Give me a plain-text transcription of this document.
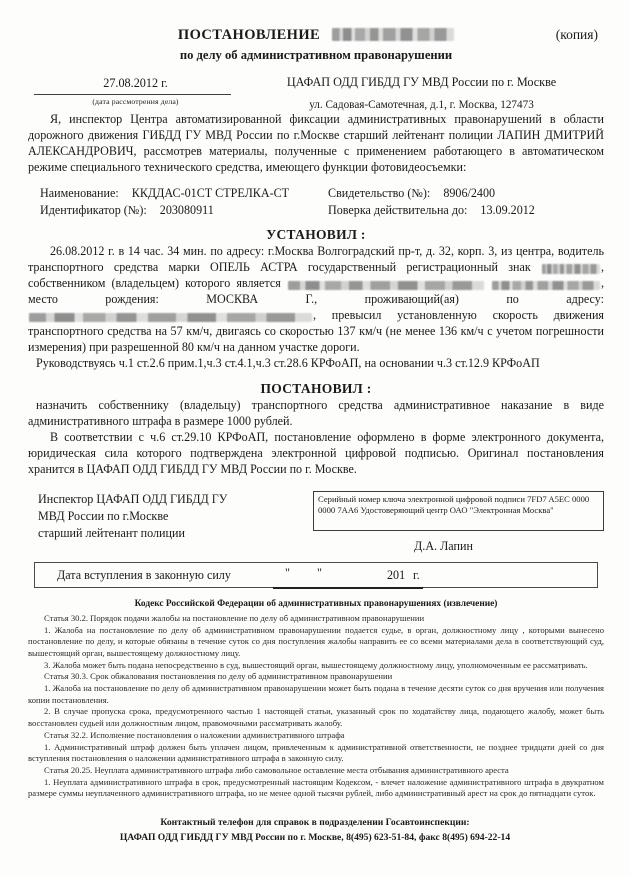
ПОСТАНОВЛЕНИЕ	(копия)
по делу об административном правонарушении
27.08.2012 г.
(дата рассмотрения дела)
ЦАФАП ОДД ГИБДД ГУ МВД России по г. Москве
ул. Садовая-Самотечная, д.1, г. Москва, 127473

Я, инспектор Центра автоматизированной фиксации административных правонарушений в области дорожного движения ГИБДД ГУ МВД России по г.Москве старший лейтенант полиции ЛАПИН ДМИТРИЙ АЛЕКСАНДРОВИЧ, рассмотрев материалы, полученные с применением работающего в автоматическом режиме специального технического средства, имеющего функции фотовидеосъемки:

Наименование: ККДДАС-01СТ СТРЕЛКА-СТ	Свидетельство (№): 8906/2400
Идентификатор (№): 203080911	Поверка действительна до: 13.09.2012
УСТАНОВИЛ :

26.08.2012 г. в 14 час. 34 мин. по адресу: г.Москва Волгоградский пр-т, д. 32, корп. 3, из центра, водитель транспортного средства марки ОПЕЛЬ АСТРА государственный регистрационный знак	, собственником (владельцем) которого является	, место рождения: МОСКВА Г., проживающий(ая) по адресу: , превысил установленную скорость движения транспортного средства на 57 км/ч, двигаясь со скоростью 137 км/ч (не менее 136 км/ч с учетом погрешности измерения) при разрешенной 80 км/ч на данном участке дороги.

Руководствуясь ч.1 ст.2.6 прим.1,ч.3 ст.4.1,ч.3 ст.28.6 КРФоАП, на основании ч.3 ст.12.9 КРФоАП

ПОСТАНОВИЛ :

назначить собственнику (владельцу) транспортного средства административное наказание в виде административного штрафа в размере 1000 рублей.

В соответствии с ч.6 ст.29.10 КРФоАП, постановление оформлено в форме электронного документа, юридическая сила которого подтверждена электронной цифровой подписью. Оригинал постановления хранится в ЦАФАП ОДД ГИБДД ГУ МВД России по г. Москве.

Инспектор ЦАФАП ОДД ГИБДД ГУ
МВД России по г.Москве
старший лейтенант полиции
Серийный номер ключа электронной цифровой подписи 7FD7 A5EC 0000 0000 7AA6 Удостоверяющий центр ОАО "Электронная Москва"
Д.А. Лапин
Дата вступления в законную силу	" "	201 г.
Кодекс Российской Федерации об административных правонарушениях (извлечение)

Статья 30.2. Порядок подачи жалобы на постановление по делу об административном правонарушении

1. Жалоба на постановление по делу об административном правонарушении подается судье, в орган, должностному лицу , которыми вынесено постановление по делу, и которые обязаны в течение суток со дня поступления жалобы направить ее со всеми материалами дела в соответствующий суд, вышестоящий орган, вышестоящему должностному лицу.

3. Жалоба может быть подана непосредственно в суд, вышестоящий орган, вышестоящему должностному лицу, уполномоченным ее рассматривать.

Статья 30.3. Срок обжалования постановления по делу об административном правонарушении

1. Жалоба на постановление по делу об административном правонарушении может быть подана в течение десяти суток со дня вручения или получения копии постановления.

2. В случае пропуска срока, предусмотренного частью 1 настоящей статьи, указанный срок по ходатайству лица, подающего жалобу, может быть восстановлен судьей или должностным лицом, правомочными рассматривать жалобу.

Статья 32.2. Исполнение постановления о наложении административного штрафа

1. Административный штраф должен быть уплачен лицом, привлеченным к административной ответственности, не позднее тридцати дней со дня вступления постановления о наложении административного штрафа в законную силу.

Статья 20.25. Неуплата административного штрафа либо самовольное оставление места отбывания административного ареста

1. Неуплата административного штрафа в срок, предусмотренный настоящим Кодексом, - влечет наложение административного штрафа в двукратном размере суммы неуплаченного административного штрафа, но не менее одной тысячи рублей, либо административный арест на срок до пятнадцати суток.

Контактный телефон для справок в подразделении Госавтоинспекции:
ЦАФАП ОДД ГИБДД ГУ МВД России по г. Москве, 8(495) 623-51-84, факс 8(495) 694-22-14
